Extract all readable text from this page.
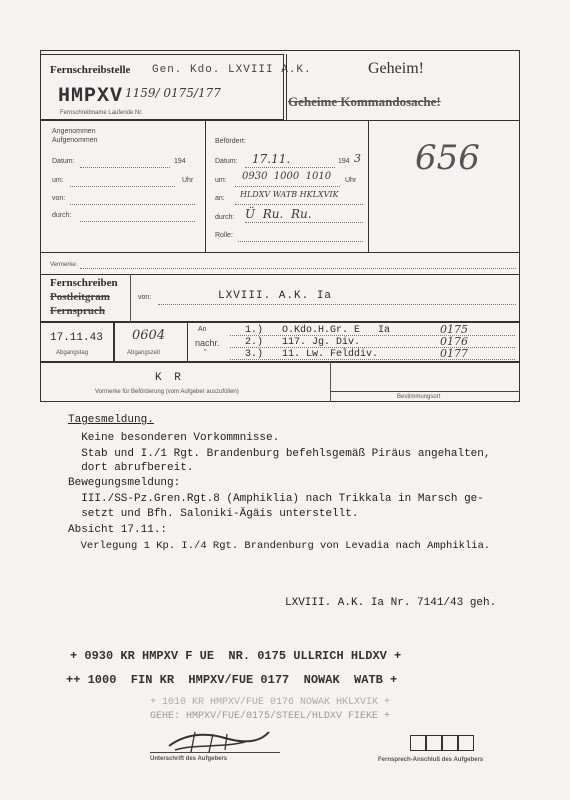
Fernschreibstelle Gen. Kdo. LXVIII A.K.	Geheim!
Geheime Kommandosache!
HMPXV 1159/ 0175/177
Fernschreibname Laufende Nr.
Angenommen
Aufgenommen
Datum:	194
um:	Uhr
von:
durch:
Befördert:
Datum: 17.11.	194 3
um: 0930  1000  1010 Uhr
an: HLDXV WATB HKLXVIK
durch: Ü  Ru.  Ru.
Rolle:
656
Vermerke:
Fernschreiben
Postleitgram
Fernspruch
von:	LXVIII. A.K. Ia
17.11.43
Abgangstag
0604
Abgangszeit
An
nachr.
"
1.) O.Kdo.H.Gr. E   Ia	0175
2.) 117. Jg. Div.	0176
3.) 11. Lw. Felddiv.	0177
K R
Vormerke für Beförderung (vom Aufgeber auszufüllen)
Bestimmungsort
Tagesmeldung.
Keine besonderen Vorkommnisse.
Stab und I./1 Rgt. Brandenburg befehlsgemäß Piräus angehalten,
dort abrufbereit.
Bewegungsmeldung:
III./SS-Pz.Gren.Rgt.8 (Amphiklia) nach Trikkala in Marsch ge-
setzt und Bfh. Saloniki-Ägäis unterstellt.
Absicht 17.11.:
Verlegung 1 Kp. I./4 Rgt. Brandenburg von Levadia nach Amphiklia.
LXVIII. A.K. Ia Nr. 7141/43 geh.
+ 0930 KR HMPXV F UE  NR. 0175 ULLRICH HLDXV +
++ 1000  FIN KR  HMPXV/FUE 0177  NOWAK  WATB +
+ 1010 KR HMPXV/FUE 0176 NOWAK HKLXVIK +
GEHE: HMPXV/FUE/0175/STEEL/HLDXV FIEKE +
Unterschrift des Aufgebers	Fernsprech-Anschluß des Aufgebers
